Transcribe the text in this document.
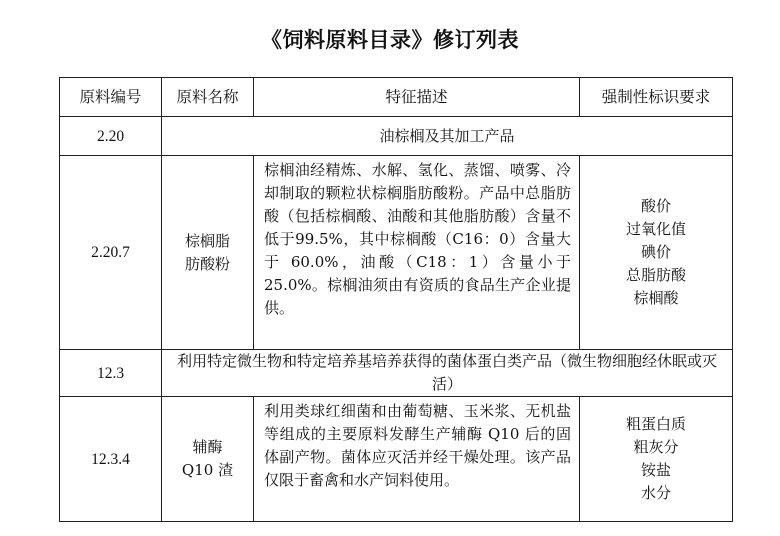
《饲料原料目录》修订列表
原料编号	原料名称	特征描述	强制性标识要求
2.20	油棕榈及其加工产品		
2.20.7	棕榈脂肪酸粉	棕榈油经精炼、水解、氢化、蒸馏、喷雾、冷却制取的颗粒状棕榈脂肪酸粉。产品中总脂肪酸（包括棕榈酸、油酸和其他脂肪酸）含量不低于99.5%，其中棕榈酸（C16：0）含量大于 60.0%，油酸（C18：1）含量小于 25.0%。棕榈油须由有资质的食品生产企业提供。	酸价
过氧化值
碘价
总脂肪酸
棕榈酸

12.3	利用特定微生物和特定培养基培养获得的菌体蛋白类产品（微生物细胞经休眠或灭活）		

12.3.4	辅酶 Q10 渣	利用类球红细菌和由葡萄糖、玉米浆、无机盐等组成的主要原料发酵生产辅酶 Q10 后的固体副产物。菌体应灭活并经干燥处理。该产品仅限于畜禽和水产饲料使用。	粗蛋白质
粗灰分
铵盐
水分
